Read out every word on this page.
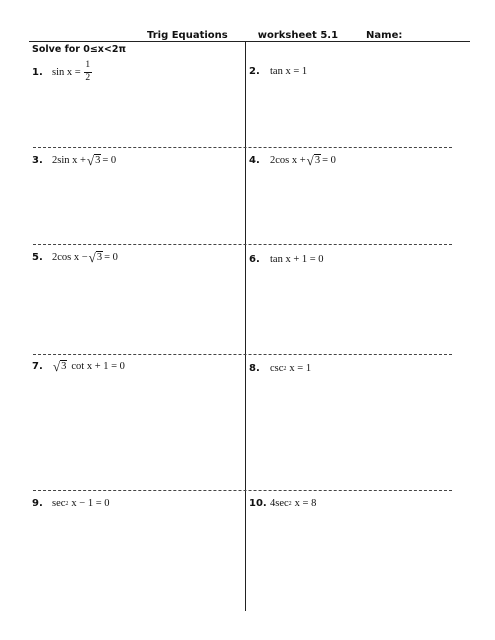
Trig Equations	worksheet 5.1	Name:
Solve for 0≤x<2π
1. $\sin x = \frac{1}{2}$	2. tan x = 1
3. 2sin x + √ 3 = 0	4. 2cos x + √ 3 = 0
5. 2cos x − √ 3 = 0	6. tan x + 1 = 0
7. √ 3 cot x + 1 = 0	8. csc 2 x = 1
9. sec 2 x − 1 = 0	10. 4sec 2 x = 8
